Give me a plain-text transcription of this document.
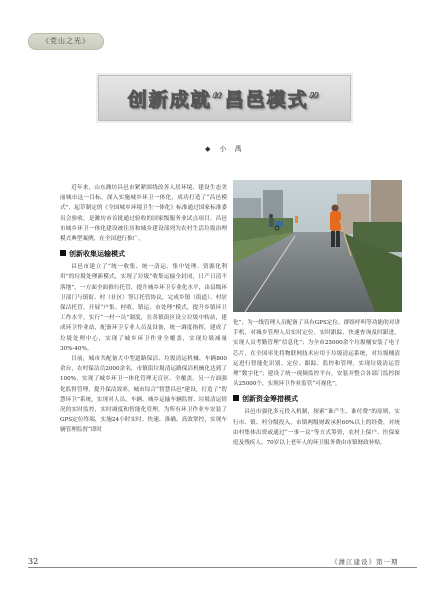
《党山之光》
创新成就“昌邑模式”
◆ 小 禹

近年来，山东潍坊昌邑市紧紧围绕改善人居环境、建设生态美丽城市这一目标，深入实施城乡环卫一体化，成功打造了“昌邑模式”，起草制定的《全国城乡环境卫生一体化》标准通过国家标准委员会验收，是潍坊市首批通过验收的国家级服务业试点项目。昌邑市城乡环卫一体化建设被住房和城乡建设部列为农村生活垃圾治理模式典型案例，在全国进行推广。

创新收集运输模式

昌邑市建立了“统一收集、统一清运、集中处理、资源化利用”的垃圾处理新模式，实现了垃圾“收集运输全封闭，日产日清不落地”。一方面全面推行托管，提升城乡环卫专业化水平，由县级环卫部门与镇街、村（社区）签订托管协议，完成乡镇（街道）、村居保洁托管，开展“户集、村收、镇运、市处理”模式，提升乡镇环卫工作水平，实行“一村一员”制度，在各镇街区设立垃圾中转站，建成环卫作业站，配备环卫专业人员及设备，统一调度指挥，建成了垃圾处理中心，实现了城乡环卫作业全覆盖，实现垃圾减量30%-40%。

目前，城市共配备大中型道路保洁、垃圾清运机械、车辆800余台，农村保洁员2000余名，市镇街垃圾清运路保洁机械化达到了100%，实现了城乡环卫一体化管理无盲区、全覆盖。另一方面强化监督管理，提升保洁效率。城市综合“智慧昌邑”建设，打造了“智慧环卫”系统，实现对人员、车辆、城乡运输车辆监督、垃圾清运情况的实时监控，实时调度和智能化管理，为所有环卫作业车安装了GPS定位终端，实施24小时实时、快速、准确、高效掌控，实现车辆管理监督“即时

化”；为一线管理人员配备了具有GPS定位、群组呼叫等功能的对讲手机，对城乡管理人员实时定位、实时跟踪、快速查询及时跟进，实现人员考勤管理“信息化”；为全市25000余个垃圾桶安装了电子芯片，在全国率先将物联网技术应用于垃圾清运系统，对垃圾桶清运进行智能化识别、定位、跟踪、监控和管理，实现垃圾清运管理“数字化”；建设了统一视频监控平台，安装并整合各部门监控探头25000个，实现环卫作业监管“可视化”。

创新资金筹措模式

昌邑市强化多元投入机制，探索“谁产生、谁付费”的原则，实行市、镇、村分级投入，市镇两级财政承担60%以上的经费，对统由村集体出资或通过“一事一议”等方式筹资，农村上保户、医保家庭及残疾人、70岁以上老年人的环卫服务费由市镇财政补贴。

32	《潍江建设》第一期
